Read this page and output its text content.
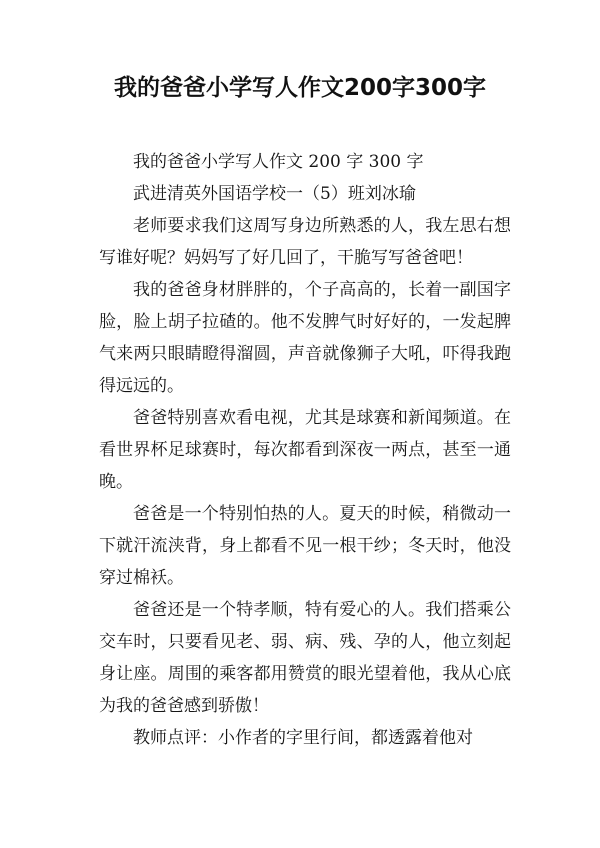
我的爸爸小学写人作文200字300字

我的爸爸小学写人作文 200 字 300 字

武进清英外国语学校一（5）班刘冰瑜

老师要求我们这周写身边所熟悉的人，我左思右想写谁好呢？妈妈写了好几回了，干脆写写爸爸吧！

我的爸爸身材胖胖的，个子高高的，长着一副国字脸，脸上胡子拉碴的。他不发脾气时好好的，一发起脾气来两只眼睛瞪得溜圆，声音就像狮子大吼，吓得我跑得远远的。

爸爸特别喜欢看电视，尤其是球赛和新闻频道。在看世界杯足球赛时，每次都看到深夜一两点，甚至一通晚。

爸爸是一个特别怕热的人。夏天的时候，稍微动一下就汗流浃背，身上都看不见一根干纱；冬天时，他没穿过棉袄。

爸爸还是一个特孝顺，特有爱心的人。我们搭乘公交车时，只要看见老、弱、病、残、孕的人，他立刻起身让座。周围的乘客都用赞赏的眼光望着他，我从心底为我的爸爸感到骄傲！

教师点评：小作者的字里行间，都透露着他对
